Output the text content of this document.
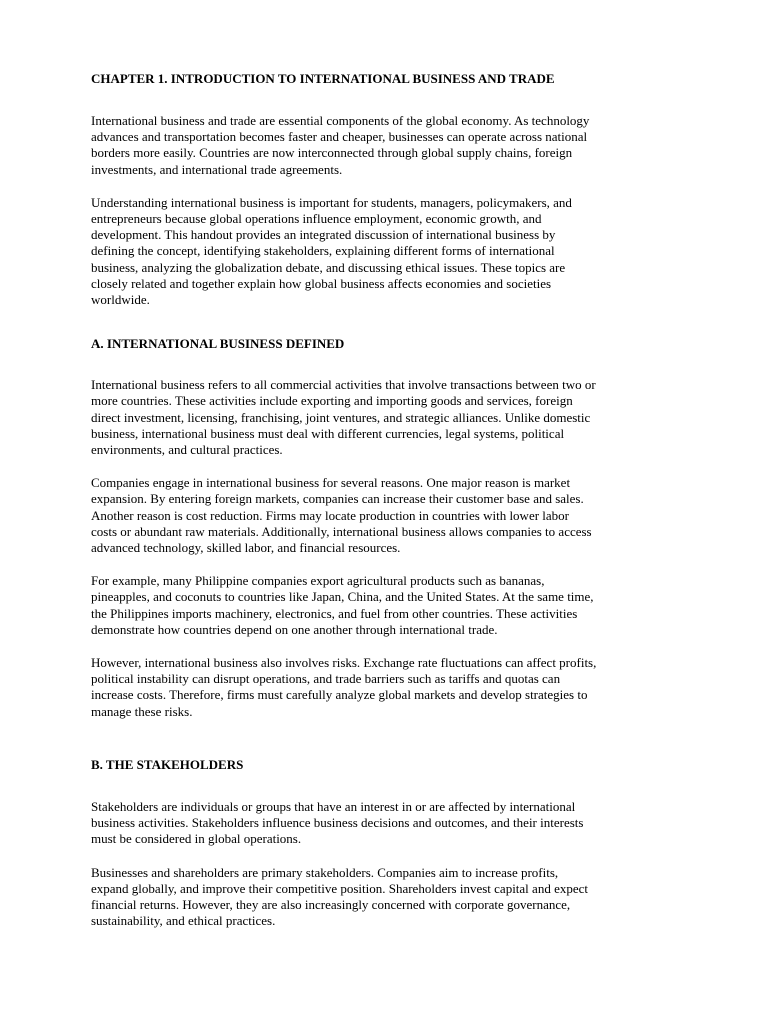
CHAPTER 1. INTRODUCTION TO INTERNATIONAL BUSINESS AND TRADE

International business and trade are essential components of the global economy. As technology
advances and transportation becomes faster and cheaper, businesses can operate across national
borders more easily. Countries are now interconnected through global supply chains, foreign
investments, and international trade agreements.

Understanding international business is important for students, managers, policymakers, and
entrepreneurs because global operations influence employment, economic growth, and
development. This handout provides an integrated discussion of international business by
defining the concept, identifying stakeholders, explaining different forms of international
business, analyzing the globalization debate, and discussing ethical issues. These topics are
closely related and together explain how global business affects economies and societies
worldwide.

A. INTERNATIONAL BUSINESS DEFINED

International business refers to all commercial activities that involve transactions between two or
more countries. These activities include exporting and importing goods and services, foreign
direct investment, licensing, franchising, joint ventures, and strategic alliances. Unlike domestic
business, international business must deal with different currencies, legal systems, political
environments, and cultural practices.

Companies engage in international business for several reasons. One major reason is market
expansion. By entering foreign markets, companies can increase their customer base and sales.
Another reason is cost reduction. Firms may locate production in countries with lower labor
costs or abundant raw materials. Additionally, international business allows companies to access
advanced technology, skilled labor, and financial resources.

For example, many Philippine companies export agricultural products such as bananas,
pineapples, and coconuts to countries like Japan, China, and the United States. At the same time,
the Philippines imports machinery, electronics, and fuel from other countries. These activities
demonstrate how countries depend on one another through international trade.

However, international business also involves risks. Exchange rate fluctuations can affect profits,
political instability can disrupt operations, and trade barriers such as tariffs and quotas can
increase costs. Therefore, firms must carefully analyze global markets and develop strategies to
manage these risks.

B. THE STAKEHOLDERS

Stakeholders are individuals or groups that have an interest in or are affected by international
business activities. Stakeholders influence business decisions and outcomes, and their interests
must be considered in global operations.

Businesses and shareholders are primary stakeholders. Companies aim to increase profits,
expand globally, and improve their competitive position. Shareholders invest capital and expect
financial returns. However, they are also increasingly concerned with corporate governance,
sustainability, and ethical practices.
